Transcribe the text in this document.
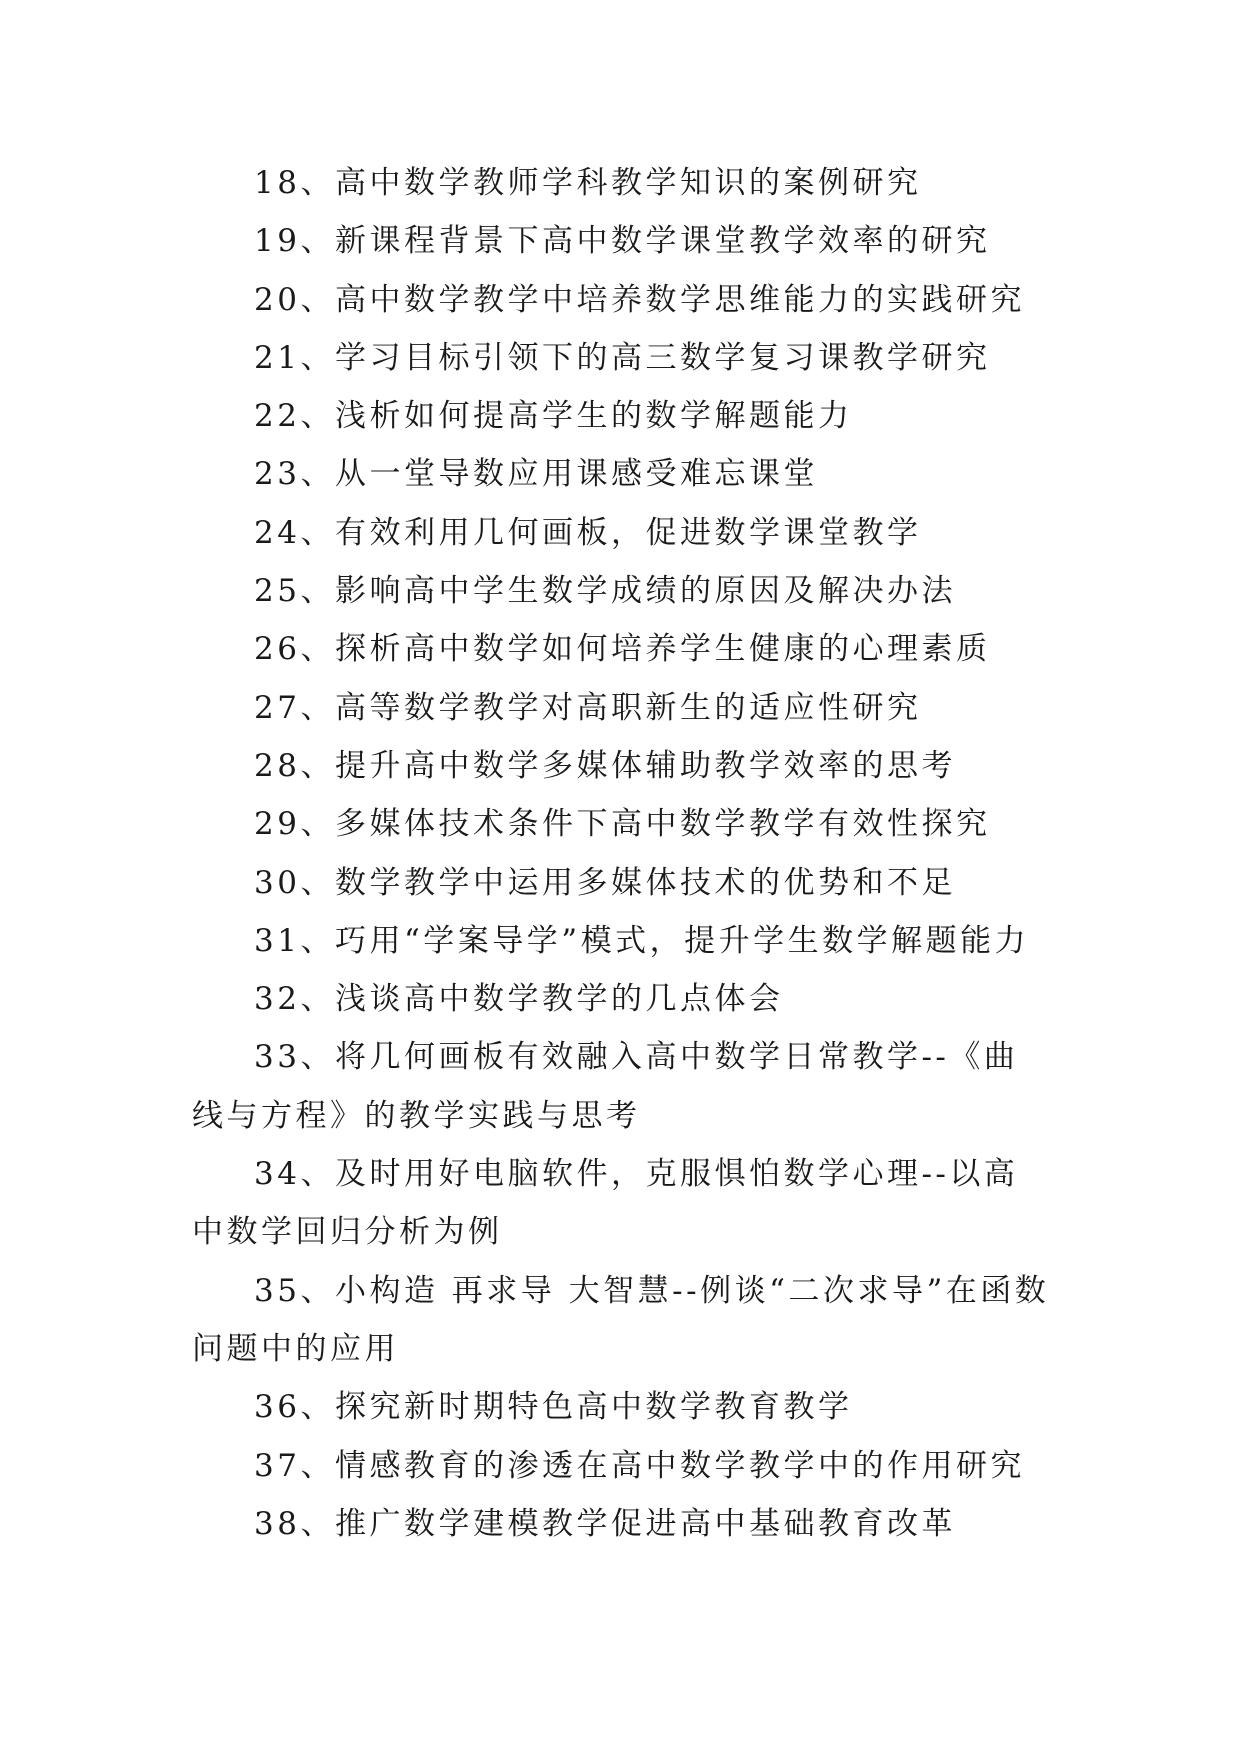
18、高中数学教师学科教学知识的案例研究

19、新课程背景下高中数学课堂教学效率的研究

20、高中数学教学中培养数学思维能力的实践研究

21、学习目标引领下的高三数学复习课教学研究

22、浅析如何提高学生的数学解题能力

23、从一堂导数应用课感受难忘课堂

24、有效利用几何画板，促进数学课堂教学

25、影响高中学生数学成绩的原因及解决办法

26、探析高中数学如何培养学生健康的心理素质

27、高等数学教学对高职新生的适应性研究

28、提升高中数学多媒体辅助教学效率的思考

29、多媒体技术条件下高中数学教学有效性探究

30、数学教学中运用多媒体技术的优势和不足

31、巧用“学案导学”模式，提升学生数学解题能力

32、浅谈高中数学教学的几点体会

33、将几何画板有效融入高中数学日常教学--《曲线与方程》的教学实践与思考

34、及时用好电脑软件，克服惧怕数学心理--以高中数学回归分析为例

35、小构造 再求导 大智慧--例谈“二次求导”在函数问题中的应用

36、探究新时期特色高中数学教育教学

37、情感教育的渗透在高中数学教学中的作用研究

38、推广数学建模教学促进高中基础教育改革
